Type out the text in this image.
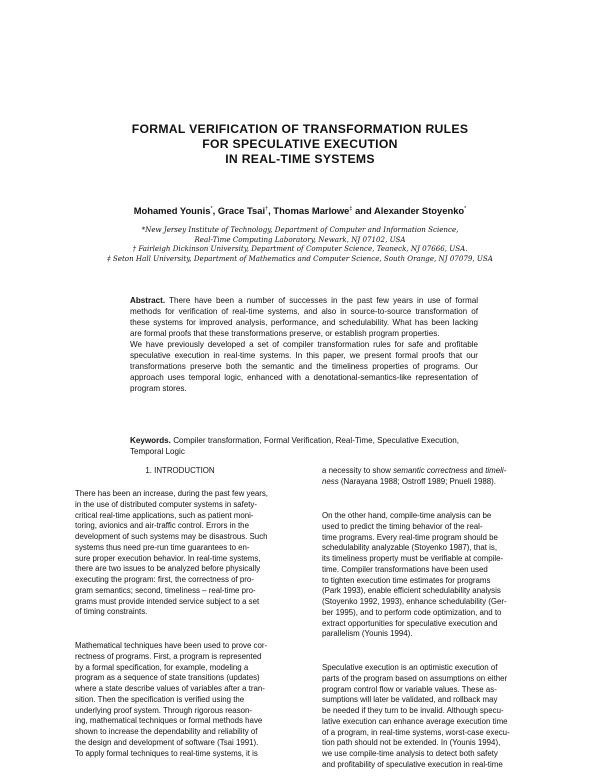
FORMAL VERIFICATION OF TRANSFORMATION RULES
FOR SPECULATIVE EXECUTION
IN REAL-TIME SYSTEMS
Mohamed Younis*, Grace Tsai†, Thomas Marlowe‡ and Alexander Stoyenko*
*New Jersey Institute of Technology, Department of Computer and Information Science,
Real-Time Computing Laboratory, Newark, NJ 07102, USA
† Fairleigh Dickinson University, Department of Computer Science, Teaneck, NJ 07666, USA.
‡ Seton Hall University, Department of Mathematics and Computer Science, South Orange, NJ 07079, USA

Abstract. There have been a number of successes in the past few years in use of formal methods for verification of real-time systems, and also in source-to-source transformation of these systems for improved analysis, performance, and schedulability. What has been lacking are formal proofs that these transformations preserve, or establish program properties.

We have previously developed a set of compiler transformation rules for safe and profitable speculative execution in real-time systems. In this paper, we present formal proofs that our transformations preserve both the semantic and the timeliness properties of programs. Our approach uses temporal logic, enhanced with a denotational-semantics-like representation of program stores.

Keywords. Compiler transformation, Formal Verification, Real-Time, Speculative Execution, Temporal Logic
1. INTRODUCTION
There has been an increase, during the past few years,
in the use of distributed computer systems in safety-
critical real-time applications, such as patient moni-
toring, avionics and air-traffic control. Errors in the
development of such systems may be disastrous. Such
systems thus need pre-run time guarantees to en-
sure proper execution behavior. In real-time systems,
there are two issues to be analyzed before physically
executing the program: first, the correctness of pro-
gram semantics; second, timeliness – real-time pro-
grams must provide intended service subject to a set
of timing constraints.
Mathematical techniques have been used to prove cor-
rectness of programs. First, a program is represented
by a formal specification, for example, modeling a
program as a sequence of state transitions (updates)
where a state describe values of variables after a tran-
sition. Then the specification is verified using the
underlying proof system. Through rigorous reason-
ing, mathematical techniques or formal methods have
shown to increase the dependability and reliability of
the design and development of software (Tsai 1991).
To apply formal techniques to real-time systems, it is
a necessity to show semantic correctness and timeli-
ness (Narayana 1988; Ostroff 1989; Pnueli 1988).
On the other hand, compile-time analysis can be
used to predict the timing behavior of the real-
time programs. Every real-time program should be
schedulability analyzable (Stoyenko 1987), that is,
its timeliness property must be verifiable at compile-
time. Compiler transformations have been used
to tighten execution time estimates for programs
(Park 1993), enable efficient schedulability analysis
(Stoyenko 1992, 1993), enhance schedulability (Ger-
ber 1995), and to perform code optimization, and to
extract opportunities for speculative execution and
parallelism (Younis 1994).
Speculative execution is an optimistic execution of
parts of the program based on assumptions on either
program control flow or variable values. These as-
sumptions will later be validated, and rollback may
be needed if they turn to be invalid. Although specu-
lative execution can enhance average execution time
of a program, in real-time systems, worst-case execu-
tion path should not be extended. In (Younis 1994),
we use compile-time analysis to detect both safety
and profitability of speculative execution in real-time
